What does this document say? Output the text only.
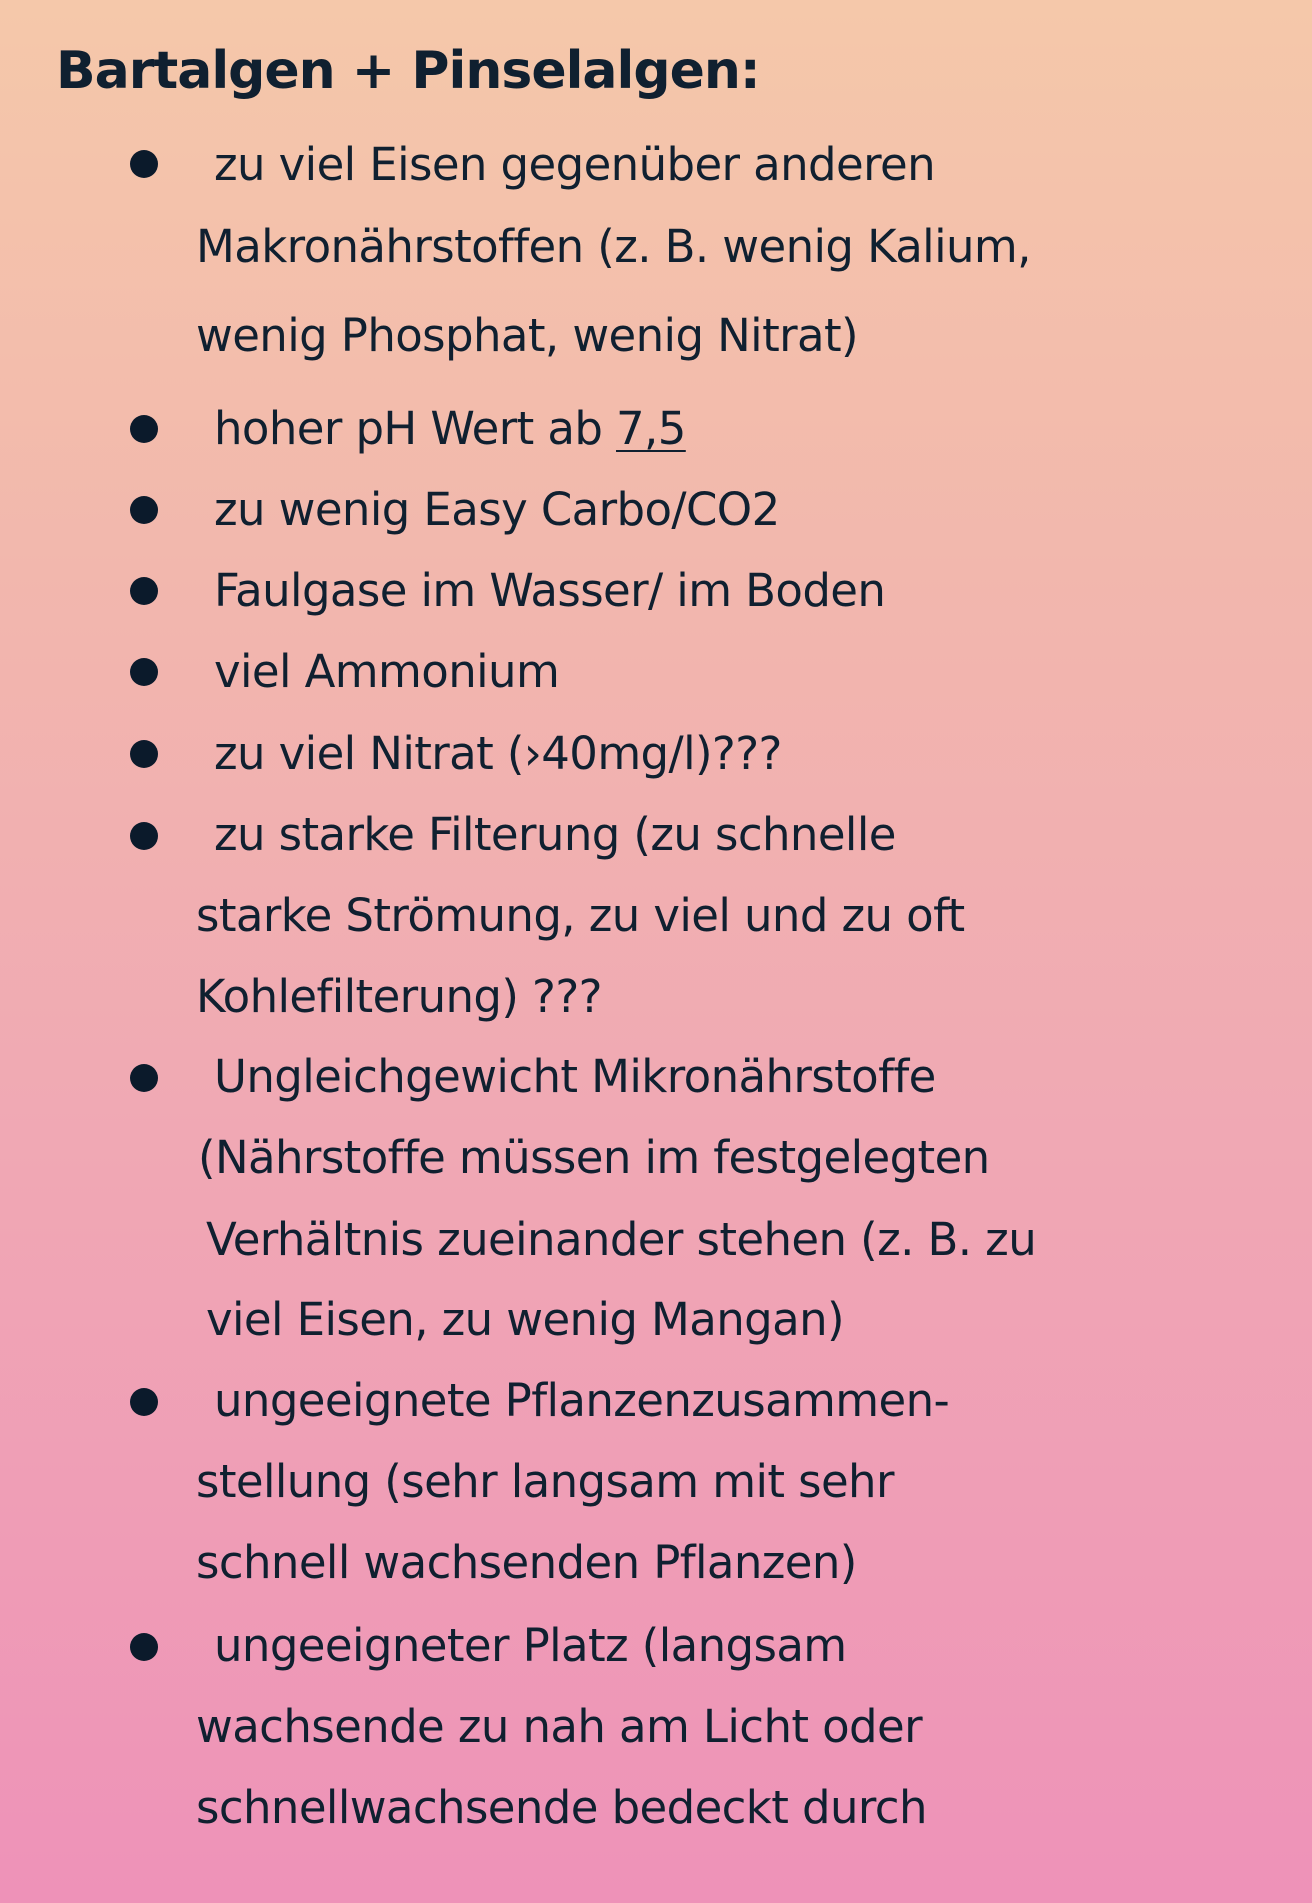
Bartalgen + Pinselalgen:
zu viel Eisen gegenüber anderen
Makronährstoffen (z. B. wenig Kalium,
wenig Phosphat, wenig Nitrat)
hoher pH Wert ab 7,5
zu wenig Easy Carbo/CO2
Faulgase im Wasser/ im Boden
viel Ammonium
zu viel Nitrat (›40mg/l)???
zu starke Filterung (zu schnelle
starke Strömung, zu viel und zu oft
Kohlefilterung) ???
Ungleichgewicht Mikronährstoffe
(Nährstoffe müssen im festgelegten
Verhältnis zueinander stehen (z. B. zu
viel Eisen, zu wenig Mangan)
ungeeignete Pflanzenzusammen-
stellung (sehr langsam mit sehr
schnell wachsenden Pflanzen)
ungeeigneter Platz (langsam
wachsende zu nah am Licht oder
schnellwachsende bedeckt durch
